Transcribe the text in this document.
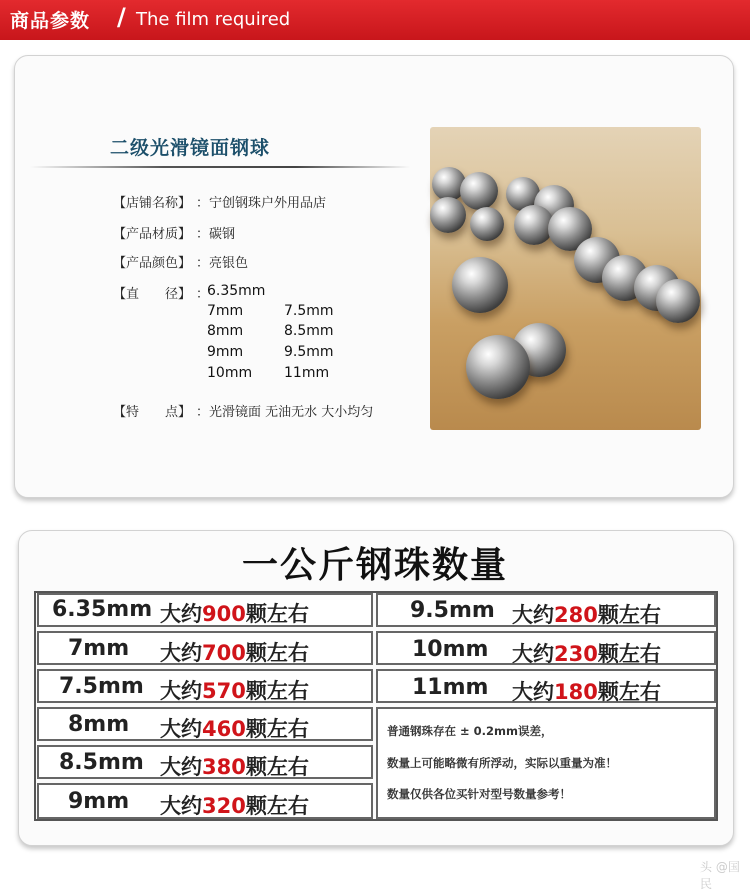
商品参数 / The film required
二级光滑镜面钢球
【店铺名称】 ：宁创钢珠户外用品店
【产品材质】 ：碳钢
【产品颜色】 ：亮银色
【直　　径】 ：
6.35mm
7mm	7.5mm
8mm	8.5mm
9mm	9.5mm
10mm 11mm
【特　　点】 ：光滑镜面 无油无水 大小均匀
一公斤钢珠数量
6.35mm 大约900颗左右
7mm 大约700颗左右
7.5mm 大约570颗左右
8mm 大约460颗左右
8.5mm 大约380颗左右
9mm 大约320颗左右
9.5mm 大约280颗左右
10mm 大约230颗左右
11mm 大约180颗左右
普通钢珠存在 ± 0.2mm误差，
数量上可能略微有所浮动，实际以重量为准！
数量仅供各位买针对型号数量参考！
头 @国民
